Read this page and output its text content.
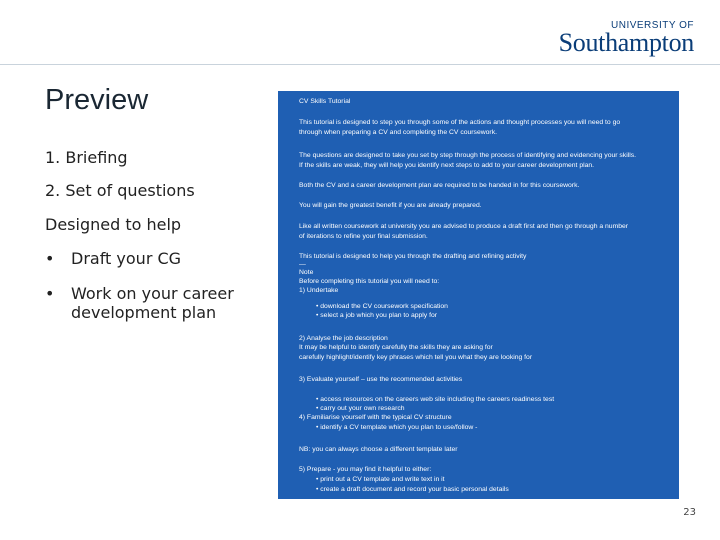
UNIVERSITY OF
Southampton
Preview
1. Briefing
2. Set of questions
Designed to help
• Draft your CG
• Work on your career development plan
CV Skills Tutorial
This tutorial is designed to step you through some of the actions and thought processes you will need to go
through when preparing a CV and completing the CV coursework.
The questions are designed to take you set by step through the process of identifying and evidencing your skills.
If the skills are weak, they will help you identify next steps to add to your career development plan.
Both the CV and a career development plan are required to be handed in for this coursework.
You will gain the greatest benefit if you are already prepared.
Like all written coursework at university you are advised to produce a draft first and then go through a number
of iterations to refine your final submission.
This tutorial is designed to help you through the drafting and refining activity
—
Note
Before completing this tutorial you will need to:
1) Undertake
• download the CV coursework specification
• select a job which you plan to apply for
2) Analyse the job description
It may be helpful to identify carefully the skills they are asking for
carefully highlight/identify key phrases which tell you what they are looking for
3) Evaluate yourself – use the recommended activities
• access resources on the careers web site including the careers readiness test
• carry out your own research
4) Familiarise yourself with the typical CV structure
• identify a CV template which you plan to use/follow -
NB: you can always choose a different template later
5) Prepare - you may find it helpful to either:
• print out a CV template and write text in it
• create a draft document and record your basic personal details
23
